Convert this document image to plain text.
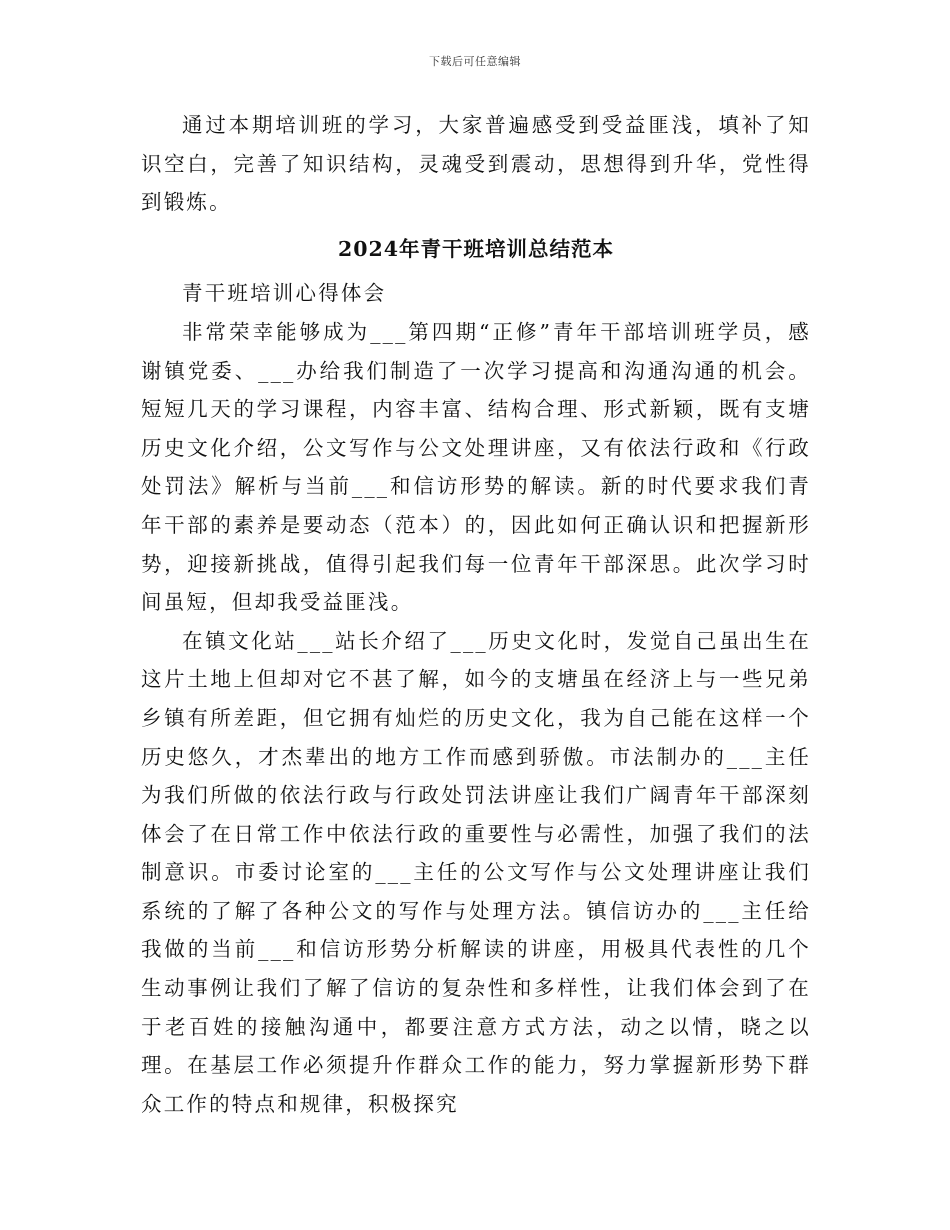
下载后可任意编辑

通过本期培训班的学习，大家普遍感受到受益匪浅，填补了知识空白，完善了知识结构，灵魂受到震动，思想得到升华，党性得到锻炼。

2024年青干班培训总结范本

青干班培训心得体会

非常荣幸能够成为___第四期“正修”青年干部培训班学员，感谢镇党委、___办给我们制造了一次学习提高和沟通沟通的机会。短短几天的学习课程，内容丰富、结构合理、形式新颖，既有支塘历史文化介绍，公文写作与公文处理讲座，又有依法行政和《行政处罚法》解析与当前___和信访形势的解读。新的时代要求我们青年干部的素养是要动态（范本）的，因此如何正确认识和把握新形势，迎接新挑战，值得引起我们每一位青年干部深思。此次学习时间虽短，但却我受益匪浅。

在镇文化站___站长介绍了___历史文化时，发觉自己虽出生在这片土地上但却对它不甚了解，如今的支塘虽在经济上与一些兄弟乡镇有所差距，但它拥有灿烂的历史文化，我为自己能在这样一个历史悠久，才杰辈出的地方工作而感到骄傲。市法制办的___主任为我们所做的依法行政与行政处罚法讲座让我们广阔青年干部深刻体会了在日常工作中依法行政的重要性与必需性，加强了我们的法制意识。市委讨论室的___主任的公文写作与公文处理讲座让我们系统的了解了各种公文的写作与处理方法。镇信访办的___主任给我做的当前___和信访形势分析解读的讲座，用极具代表性的几个生动事例让我们了解了信访的复杂性和多样性，让我们体会到了在于老百姓的接触沟通中，都要注意方式方法，动之以情，晓之以理。在基层工作必须提升作群众工作的能力，努力掌握新形势下群众工作的特点和规律，积极探究
